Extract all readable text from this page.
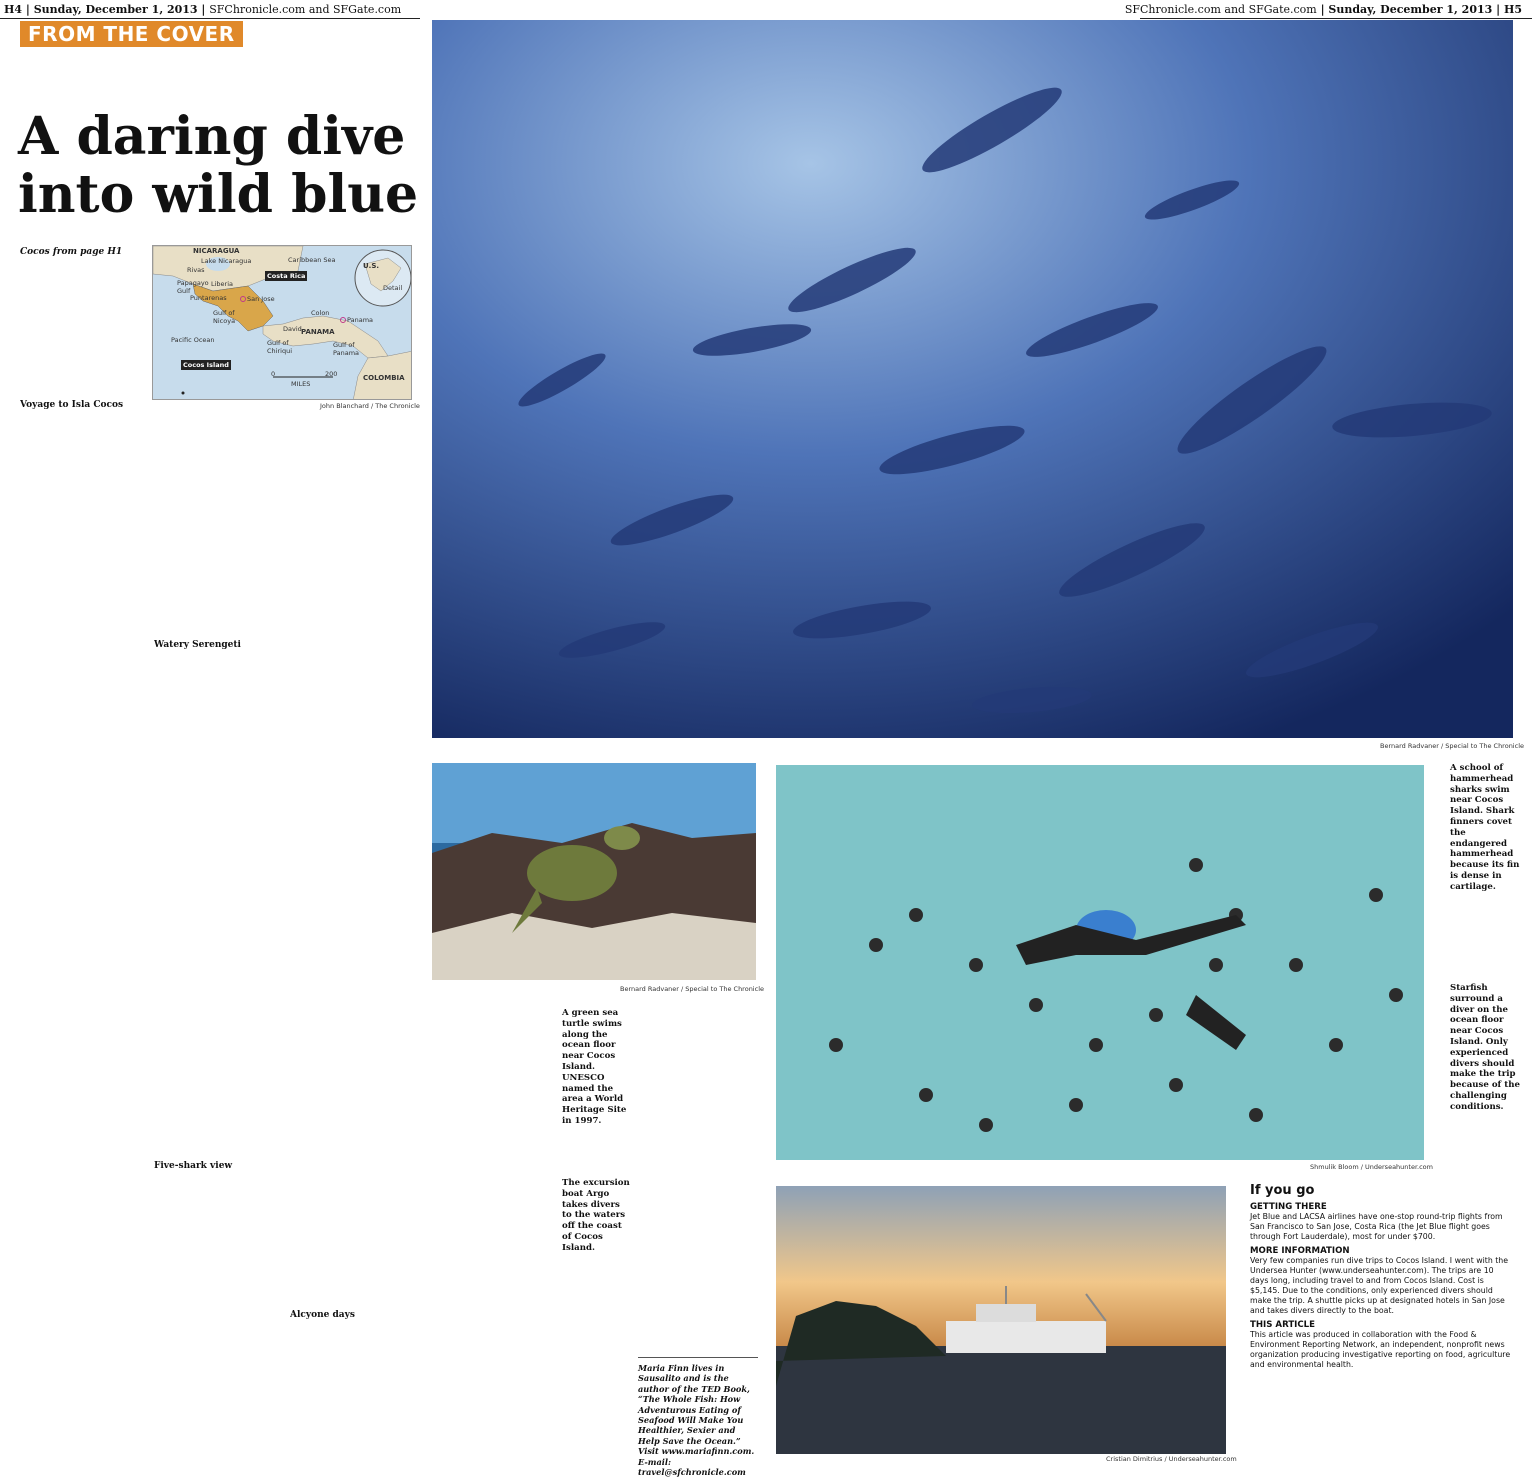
H4 | Sunday, December 1, 2013 | SFChronicle.com and SFGate.com	SFChronicle.com and SFGate.com | Sunday, December 1, 2013 | H5
FROM THE COVER
A daring dive into wild blue
Cocos from page H1	NICARAGUA
Lake Nicaragua	Caribbean Sea
Rivas
Papagayo Gulf
Liberia
Puntarenas	San Jose
Costa Rica
Gulf of Nicoya
David
Colon
Panama
PANAMA
Gulf of Chiriqui
Gulf of Panama
Pacific Ocean
Cocos Island
U.S.
Detail
COLOMBIA
0	200
MILES
John Blanchard / The Chronicle
Voyage to Isla Cocos
Watery Serengeti
Five-shark view
Alcyone days
Bernard Radvaner / Special to The Chronicle
A school of hammerhead sharks swim near Cocos Island. Shark finners covet the endangered hammerhead because its fin is dense in cartilage.
Bernard Radvaner / Special to The Chronicle
A green sea turtle swims along the ocean floor near Cocos Island. UNESCO named the area a World Heritage Site in 1997.
The excursion boat Argo takes divers to the waters off the coast of Cocos Island.
Shmulik Bloom / Underseahunter.com
Starfish surround a diver on the ocean floor near Cocos Island. Only experienced divers should make the trip because of the challenging conditions.
Cristian Dimitrius / Underseahunter.com
Maria Finn lives in Sausalito and is the author of the TED Book, “The Whole Fish: How Adventurous Eating of Seafood Will Make You Healthier, Sexier and Help Save the Ocean.” Visit www.mariafinn.com. E-mail: travel@sfchronicle.com
If you go
GETTING THERE
Jet Blue and LACSA airlines have one-stop round-trip flights from San Francisco to San Jose, Costa Rica (the Jet Blue flight goes through Fort Lauderdale), most for under $700.
MORE INFORMATION
Very few companies run dive trips to Cocos Island. I went with the Undersea Hunter (www.underseahunter.com). The trips are 10 days long, including travel to and from Cocos Island. Cost is $5,145. Due to the conditions, only experienced divers should make the trip. A shuttle picks up at designated hotels in San Jose and takes divers directly to the boat.
THIS ARTICLE
This article was produced in collaboration with the Food & Environment Reporting Network, an independent, nonprofit news organization producing investigative reporting on food, agriculture and environmental health.
